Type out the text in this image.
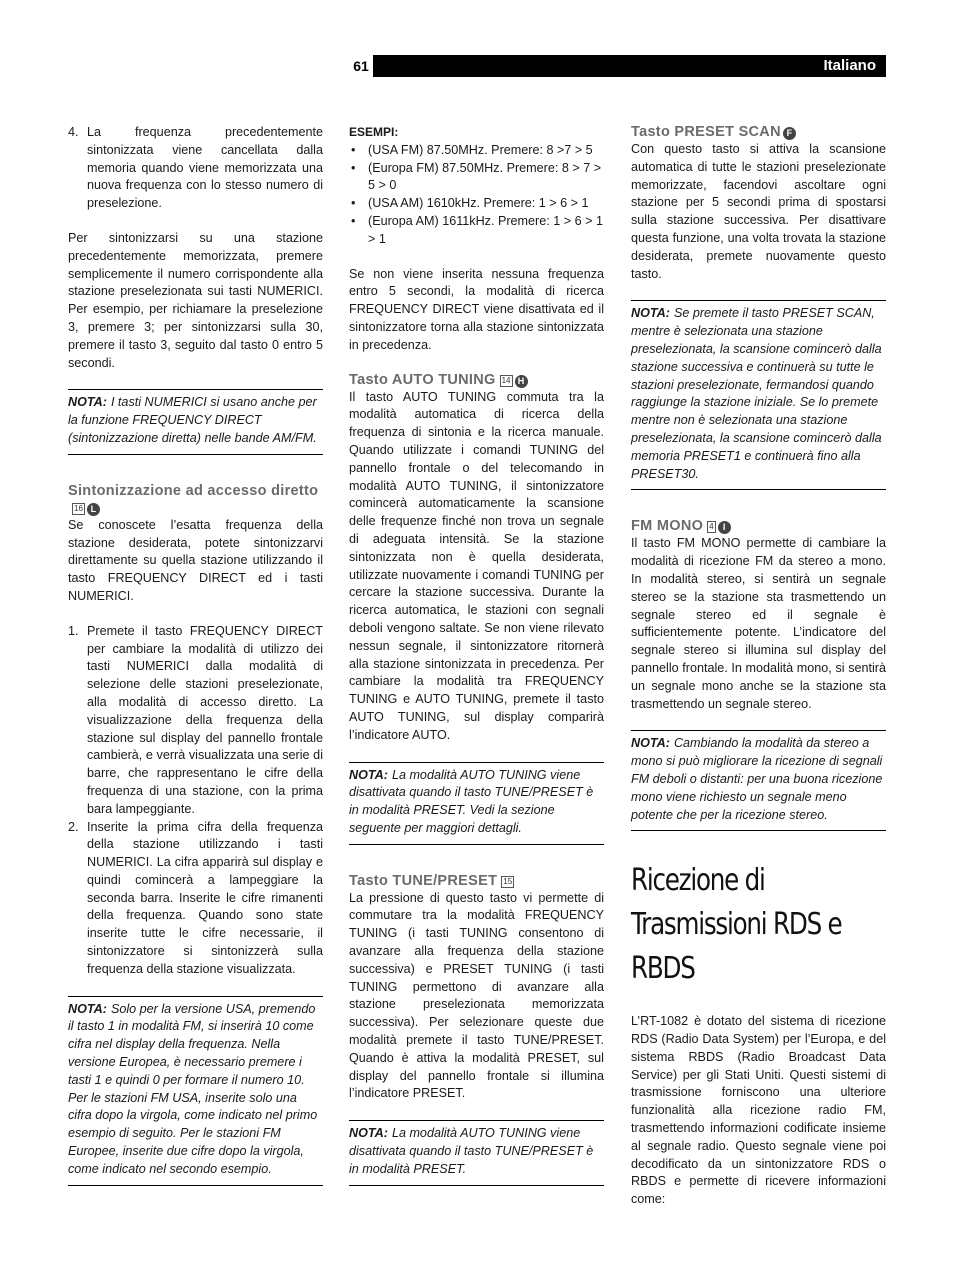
61	Italiano
4. La frequenza precedentemente sintonizzata viene cancellata dalla memoria quando viene memorizzata una nuova frequenza con lo stesso numero di preselezione.

Per sintonizzarsi su una stazione precedentemente memorizzata, premere semplicemente il numero corrispondente alla stazione preselezionata sui tasti NUMERICI. Per esempio, per richiamare la preselezione 3, premere 3; per sintonizzarsi sulla 30, premere il tasto 3, seguito dal tasto 0 entro 5 secondi.

NOTA: I tasti NUMERICI si usano anche per la funzione FREQUENCY DIRECT (sintonizzazione diretta) nelle bande AM/FM.
Sintonizzazione ad accesso diretto16 L

Se conoscete l’esatta frequenza della stazione desiderata, potete sintonizzarvi direttamente su quella stazione utilizzando il tasto FREQUENCY DIRECT ed i tasti NUMERICI.

1. Premete il tasto FREQUENCY DIRECT per cambiare la modalità di utilizzo dei tasti NUMERICI dalla modalità di selezione delle stazioni preselezionate, alla modalità di accesso diretto. La visualizzazione della frequenza della stazione sul display del pannello frontale cambierà, e verrà visualizzata una serie di barre, che rappresentano le cifre della frequenza di una stazione, con la prima bara lampeggiante.
2. Inserite la prima cifra della frequenza della stazione utilizzando i tasti NUMERICI. La cifra apparirà sul display e quindi comincerà a lampeggiare la seconda barra. Inserite le cifre rimanenti della frequenza. Quando sono state inserite tutte le cifre necessarie, il sintonizzatore si sintonizzerà sulla frequenza della stazione visualizzata.
NOTA: Solo per la versione USA, premendo il tasto 1 in modalità FM, si inserirà 10 come cifra nel display della frequenza. Nella versione Europea, è necessario premere i tasti 1 e quindi 0 per formare il numero 10. Per le stazioni FM USA, inserite solo una cifra dopo la virgola, come indicato nel primo esempio di seguito. Per le stazioni FM Europee, inserite due cifre dopo la virgola, come indicato nel secondo esempio.
ESEMPI:
• (USA FM) 87.50MHz. Premere: 8 >7 > 5
• (Europa FM) 87.50MHz. Premere: 8 > 7 > 5 > 0
• (USA AM) 1610kHz. Premere: 1 > 6 > 1
• (Europa AM) 1611kHz. Premere: 1 > 6 > 1 > 1

Se non viene inserita nessuna frequenza entro 5 secondi, la modalità di ricerca FREQUENCY DIRECT viene disattivata ed il sintonizzatore torna alla stazione sintonizzata in precedenza.

Tasto AUTO TUNING 14 H

Il tasto AUTO TUNING commuta tra la modalità automatica di ricerca della frequenza di sintonia e la ricerca manuale. Quando utilizzate i comandi TUNING del pannello frontale o del telecomando in modalità AUTO TUNING, il sintonizzatore comincerà automaticamente la scansione delle frequenze finché non trova un segnale di adeguata intensità. Se la stazione sintonizzata non è quella desiderata, utilizzate nuovamente i comandi TUNING per cercare la stazione successiva. Durante la ricerca automatica, le stazioni con segnali deboli vengono saltate. Se non viene rilevato nessun segnale, il sintonizzatore ritornerà alla stazione sintonizzata in precedenza. Per cambiare la modalità tra FREQUENCY TUNING e AUTO TUNING, premete il tasto AUTO TUNING, sul display comparirà l’indicatore AUTO.

NOTA: La modalità AUTO TUNING viene disattivata quando il tasto TUNE/PRESET è in modalità PRESET. Vedi la sezione seguente per maggiori dettagli.
Tasto TUNE/PRESET 15

La pressione di questo tasto vi permette di commutare tra la modalità FREQUENCY TUNING (i tasti TUNING consentono di avanzare alla frequenza della stazione successiva) e PRESET TUNING (i tasti TUNING permettono di avanzare alla stazione preselezionata memorizzata successiva). Per selezionare queste due modalità premete il tasto TUNE/PRESET. Quando è attiva la modalità PRESET, sul display del pannello frontale si illumina l’indicatore PRESET.

NOTA: La modalità AUTO TUNING viene disattivata quando il tasto TUNE/PRESET è in modalità PRESET.
Tasto PRESET SCAN F

Con questo tasto si attiva la scansione automatica di tutte le stazioni preselezionate memorizzate, facendovi ascoltare ogni stazione per 5 secondi prima di spostarsi sulla stazione successiva. Per disattivare questa funzione, una volta trovata la stazione desiderata, premete nuovamente questo tasto.

NOTA: Se premete il tasto PRESET SCAN, mentre è selezionata una stazione preselezionata, la scansione comincerò dalla stazione successiva e continuerà su tutte le stazioni preselezionate, fermandosi quando raggiunge la stazione iniziale. Se lo premete mentre non è selezionata una stazione preselezionata, la scansione comincerò dalla memoria PRESET1 e continuerà fino alla PRESET30.
FM MONO 4 I

Il tasto FM MONO permette di cambiare la modalità di ricezione FM da stereo a mono. In modalità stereo, si sentirà un segnale stereo se la stazione sta trasmettendo un segnale stereo ed il segnale è sufficientemente potente. L’indicatore del segnale stereo si illumina sul display del pannello frontale. In modalità mono, si sentirà un segnale mono anche se la stazione sta trasmettendo un segnale stereo.

NOTA: Cambiando la modalità da stereo a mono si può migliorare la ricezione di segnali FM deboli o distanti: per una buona ricezione mono viene richiesto un segnale meno potente che per la ricezione stereo.
Ricezione di Trasmissioni RDS e RBDS

L’RT-1082 è dotato del sistema di ricezione RDS (Radio Data System) per l’Europa, e del sistema RBDS (Radio Broadcast Data Service) per gli Stati Uniti. Questi sistemi di trasmissione forniscono una ulteriore funzionalità alla ricezione radio FM, trasmettendo informazioni codificate insieme al segnale radio. Questo segnale viene poi decodificato da un sintonizzatore RDS o RBDS e permette di ricevere informazioni come:
